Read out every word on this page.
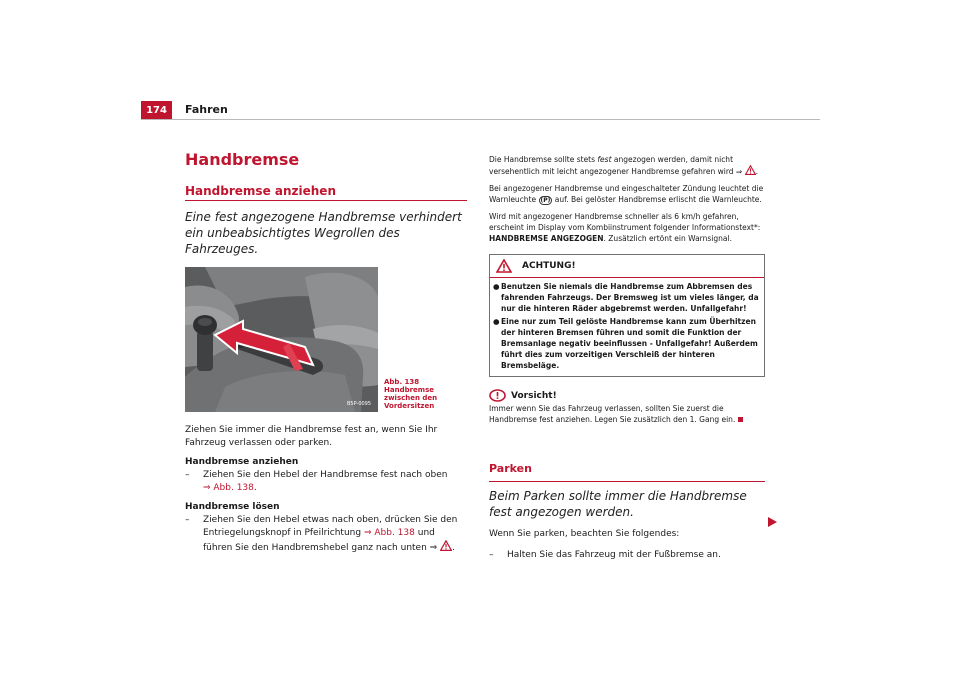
174	Fahren
Handbremse
Handbremse anziehen
Eine fest angezogene Handbremse verhindert ein unbeabsichtigtes Wegrollen des Fahrzeuges.
B5P-0095
Abb. 138 Handbremse zwischen den Vordersitzen
Ziehen Sie immer die Handbremse fest an, wenn Sie Ihr Fahrzeug verlassen oder parken.
Handbremse anziehen
–	Ziehen Sie den Hebel der Handbremse fest nach oben
⇒ Abb. 138.
Handbremse lösen
–	Ziehen Sie den Hebel etwas nach oben, drücken Sie den Entriegelungsknopf in Pfeilrichtung ⇒ Abb. 138 und führen Sie den Handbremshebel ganz nach unten ⇒ .
Die Handbremse sollte stets fest angezogen werden, damit nicht versehentlich mit leicht angezogener Handbremse gefahren wird ⇒ .
Bei angezogener Handbremse und eingeschalteter Zündung leuchtet die Warnleuchte (P) auf. Bei gelöster Handbremse erlischt die Warnleuchte.
Wird mit angezogener Handbremse schneller als 6 km/h gefahren, erscheint im Display vom Kombiinstrument folgender Informationstext*: HANDBREMSE ANGEZOGEN. Zusätzlich ertönt ein Warnsignal.
ACHTUNG!
● Benutzen Sie niemals die Handbremse zum Abbremsen des fahrenden Fahrzeugs. Der Bremsweg ist um vieles länger, da nur die hinteren Räder abgebremst werden. Unfallgefahr!
● Eine nur zum Teil gelöste Handbremse kann zum Überhitzen der hinteren Bremsen führen und somit die Funktion der Bremsanlage negativ beeinflussen - Unfallgefahr! Außerdem führt dies zum vorzeitigen Verschleiß der hinteren Bremsbeläge.
Vorsicht!
Immer wenn Sie das Fahrzeug verlassen, sollten Sie zuerst die Handbremse fest anziehen. Legen Sie zusätzlich den 1. Gang ein.
Parken
Beim Parken sollte immer die Handbremse fest angezogen werden.
Wenn Sie parken, beachten Sie folgendes:
–	Halten Sie das Fahrzeug mit der Fußbremse an.
